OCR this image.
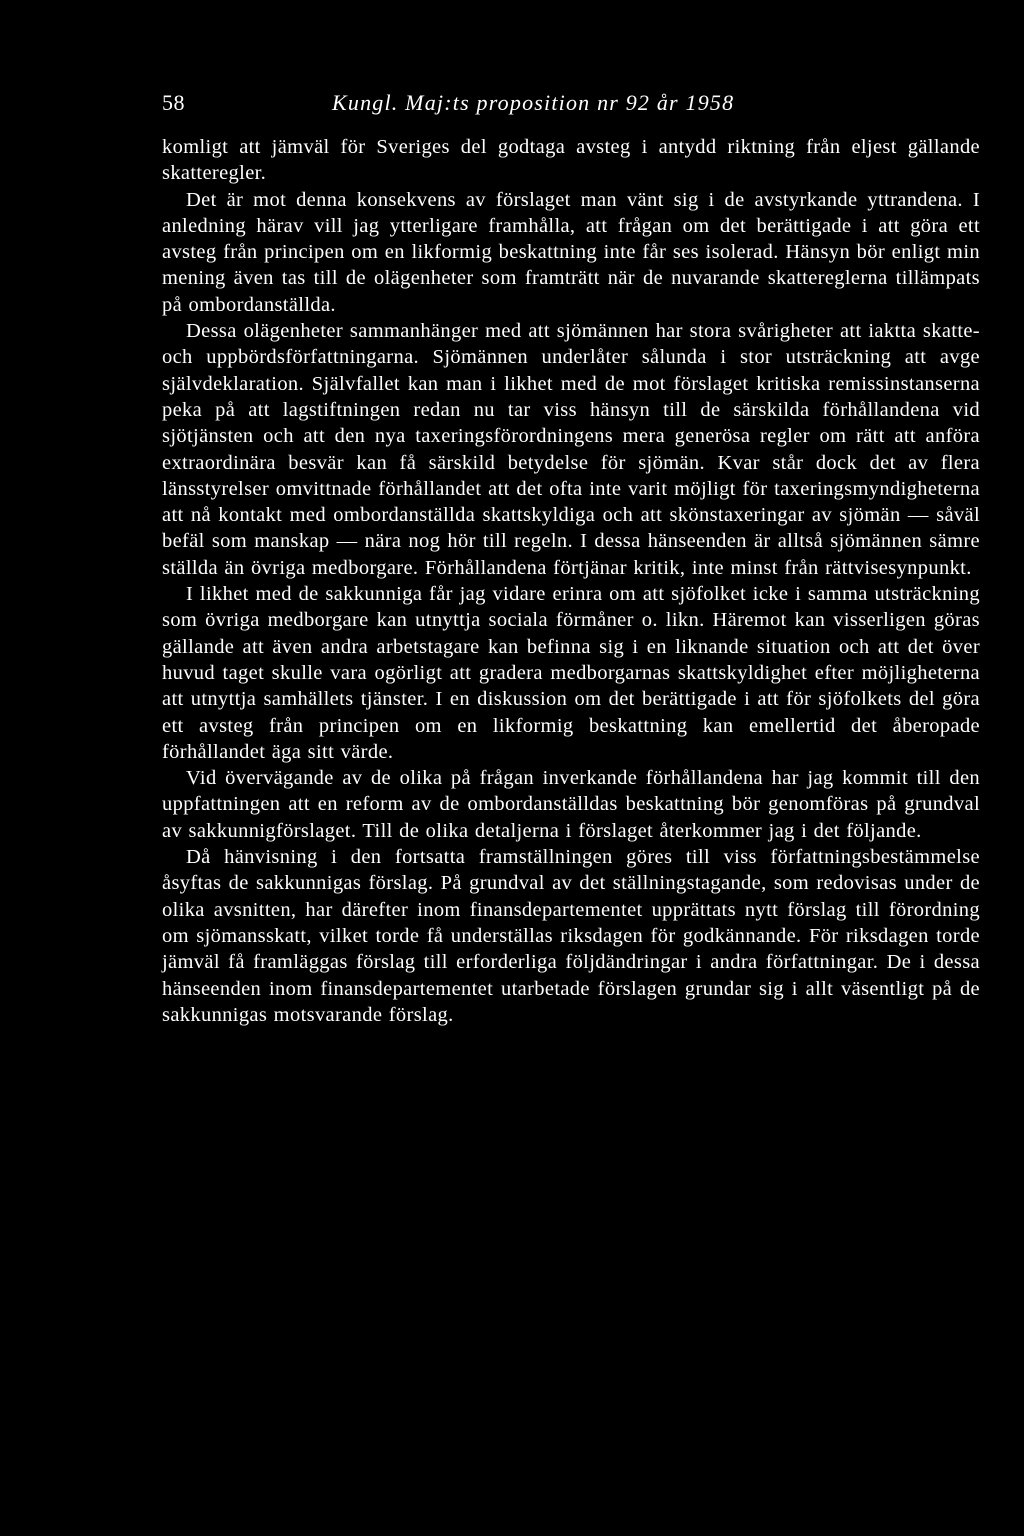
58	Kungl. Maj:ts proposition nr 92 år 1958

komligt att jämväl för Sveriges del godtaga avsteg i antydd riktning från eljest gällande skatteregler.

Det är mot denna konsekvens av förslaget man vänt sig i de avstyrkande yttrandena. I anledning härav vill jag ytterligare framhålla, att frågan om det berättigade i att göra ett avsteg från principen om en likformig beskattning inte får ses isolerad. Hänsyn bör enligt min mening även tas till de olägenheter som framträtt när de nuvarande skattereglerna tillämpats på ombordanställda.

Dessa olägenheter sammanhänger med att sjömännen har stora svårigheter att iaktta skatte- och uppbördsförfattningarna. Sjömännen underlåter sålunda i stor utsträckning att avge självdeklaration. Självfallet kan man i likhet med de mot förslaget kritiska remissinstanserna peka på att lagstiftningen redan nu tar viss hänsyn till de särskilda förhållandena vid sjötjänsten och att den nya taxeringsförordningens mera generösa regler om rätt att anföra extraordinära besvär kan få särskild betydelse för sjömän. Kvar står dock det av flera länsstyrelser omvittnade förhållandet att det ofta inte varit möjligt för taxeringsmyndigheterna att nå kontakt med ombordanställda skattskyldiga och att skönstaxeringar av sjömän — såväl befäl som manskap — nära nog hör till regeln. I dessa hänseenden är alltså sjömännen sämre ställda än övriga medborgare. Förhållandena förtjänar kritik, inte minst från rättvisesynpunkt.

I likhet med de sakkunniga får jag vidare erinra om att sjöfolket icke i samma utsträckning som övriga medborgare kan utnyttja sociala förmåner o. likn. Häremot kan visserligen göras gällande att även andra arbetstagare kan befinna sig i en liknande situation och att det över huvud taget skulle vara ogörligt att gradera medborgarnas skattskyldighet efter möjligheterna att utnyttja samhällets tjänster. I en diskussion om det berättigade i att för sjöfolkets del göra ett avsteg från principen om en likformig beskattning kan emellertid det åberopade förhållandet äga sitt värde.

Vid övervägande av de olika på frågan inverkande förhållandena har jag kommit till den uppfattningen att en reform av de ombordanställdas beskattning bör genomföras på grundval av sakkunnigförslaget. Till de olika detaljerna i förslaget återkommer jag i det följande.

Då hänvisning i den fortsatta framställningen göres till viss författningsbestämmelse åsyftas de sakkunnigas förslag. På grundval av det ställningstagande, som redovisas under de olika avsnitten, har därefter inom finansdepartementet upprättats nytt förslag till förordning om sjömansskatt, vilket torde få underställas riksdagen för godkännande. För riksdagen torde jämväl få framläggas förslag till erforderliga följdändringar i andra författningar. De i dessa hänseenden inom finansdepartementet utarbetade förslagen grundar sig i allt väsentligt på de sakkunnigas motsvarande förslag.
